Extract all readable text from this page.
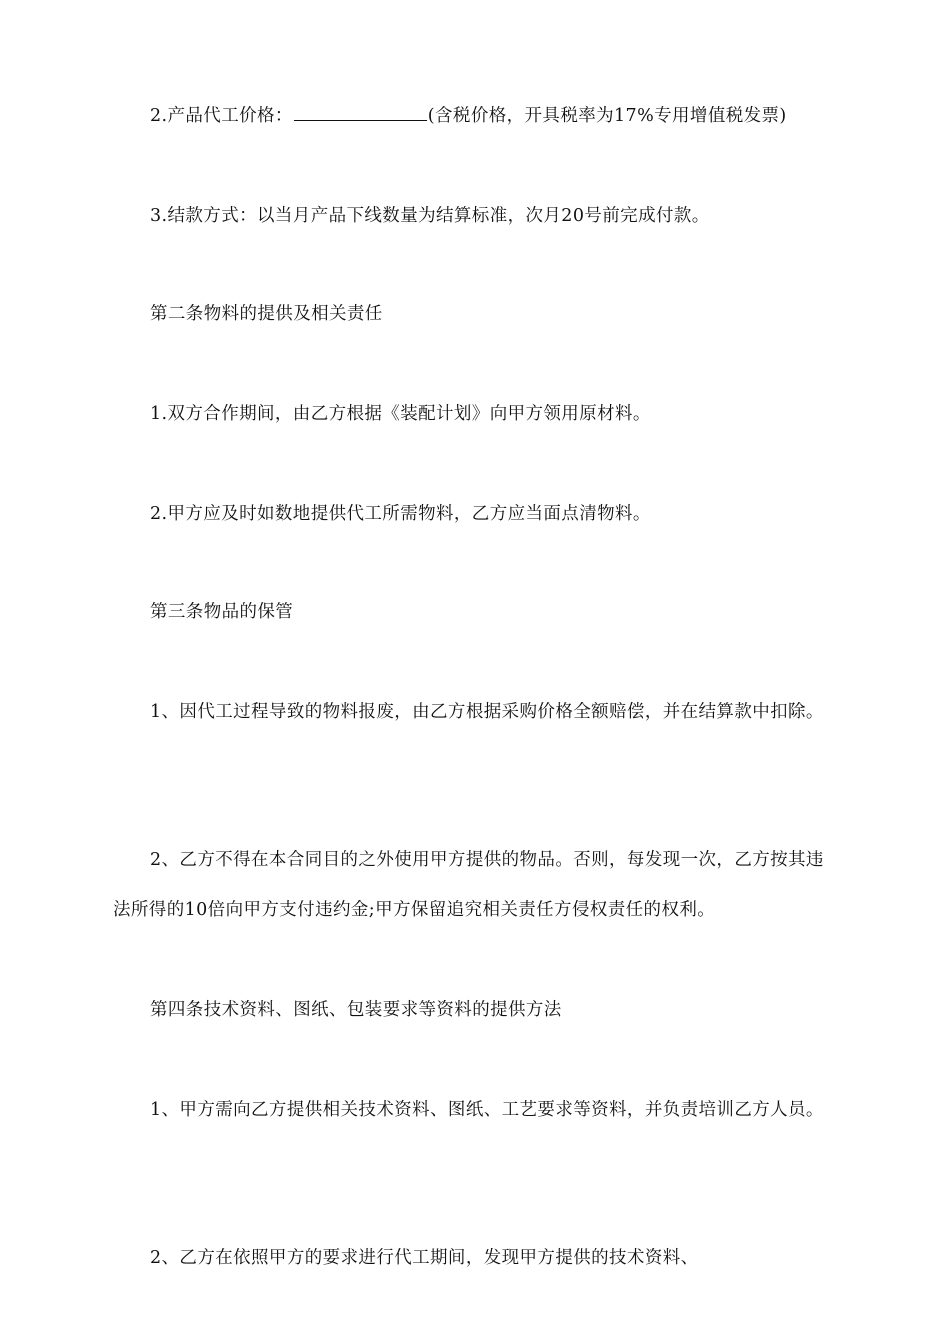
2.产品代工价格：	(含税价格，开具税率为17%专用增值税发票)
3.结款方式：以当月产品下线数量为结算标准，次月20号前完成付款。
第二条物料的提供及相关责任
1.双方合作期间，由乙方根据《装配计划》向甲方领用原材料。
2.甲方应及时如数地提供代工所需物料，乙方应当面点清物料。
第三条物品的保管
1、因代工过程导致的物料报废，由乙方根据采购价格全额赔偿，并在结算款中扣除。
2、乙方不得在本合同目的之外使用甲方提供的物品。否则，每发现一次，乙方按其违法所得的10倍向甲方支付违约金;甲方保留追究相关责任方侵权责任的权利。
第四条技术资料、图纸、包装要求等资料的提供方法
1、甲方需向乙方提供相关技术资料、图纸、工艺要求等资料，并负责培训乙方人员。
2、乙方在依照甲方的要求进行代工期间，发现甲方提供的技术资料、
